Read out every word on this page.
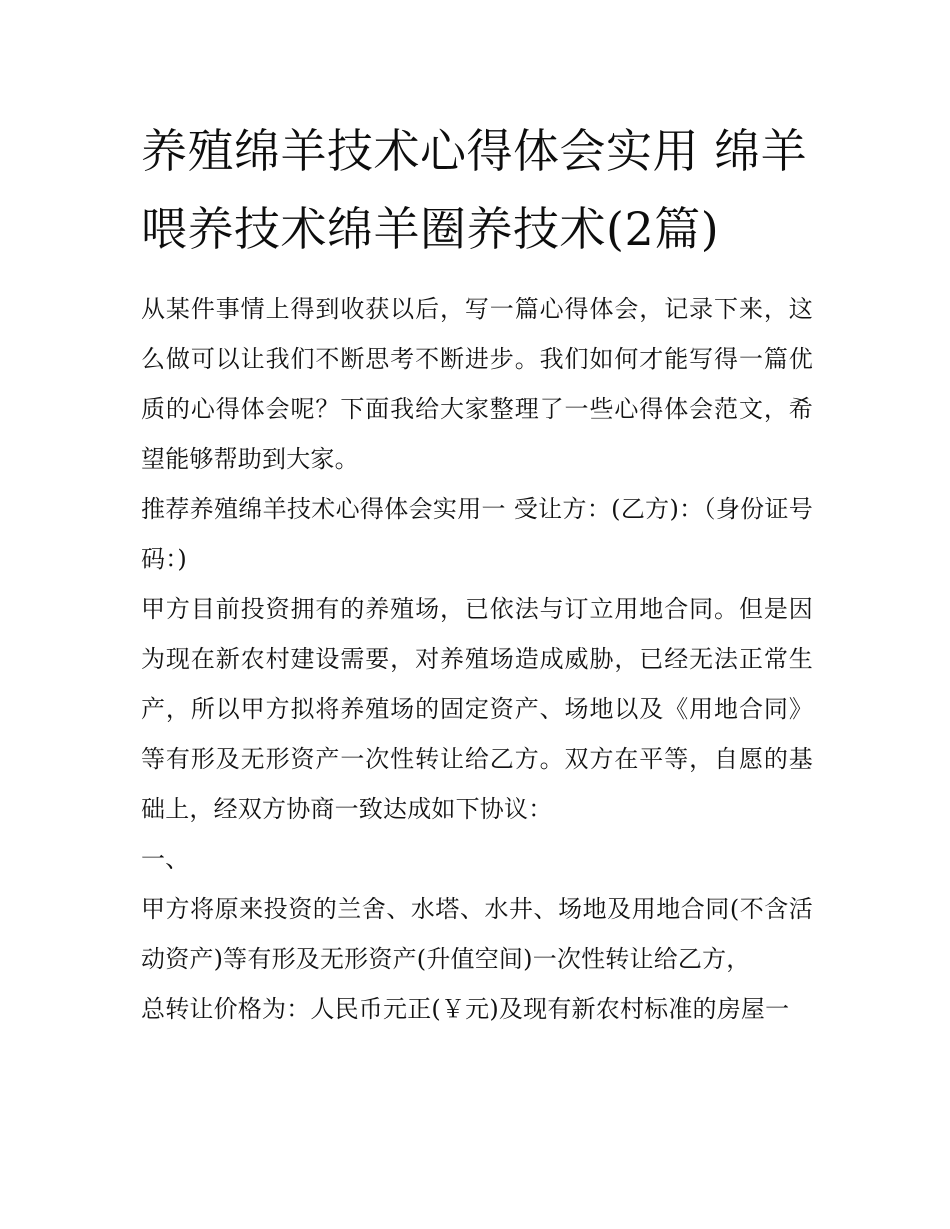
养殖绵羊技术心得体会实用 绵羊喂养技术绵羊圈养技术(2篇)

从某件事情上得到收获以后，写一篇心得体会，记录下来，这么做可以让我们不断思考不断进步。我们如何才能写得一篇优质的心得体会呢？下面我给大家整理了一些心得体会范文，希望能够帮助到大家。

推荐养殖绵羊技术心得体会实用一 受让方：(乙方)：（身份证号码：)

甲方目前投资拥有的养殖场，已依法与订立用地合同。但是因为现在新农村建设需要，对养殖场造成威胁，已经无法正常生产，所以甲方拟将养殖场的固定资产、场地以及《用地合同》等有形及无形资产一次性转让给乙方。双方在平等，自愿的基础上，经双方协商一致达成如下协议：

一、

甲方将原来投资的兰舍、水塔、水井、场地及用地合同(不含活动资产)等有形及无形资产(升值空间)一次性转让给乙方，

总转让价格为：人民币元正(￥元)及现有新农村标准的房屋一
